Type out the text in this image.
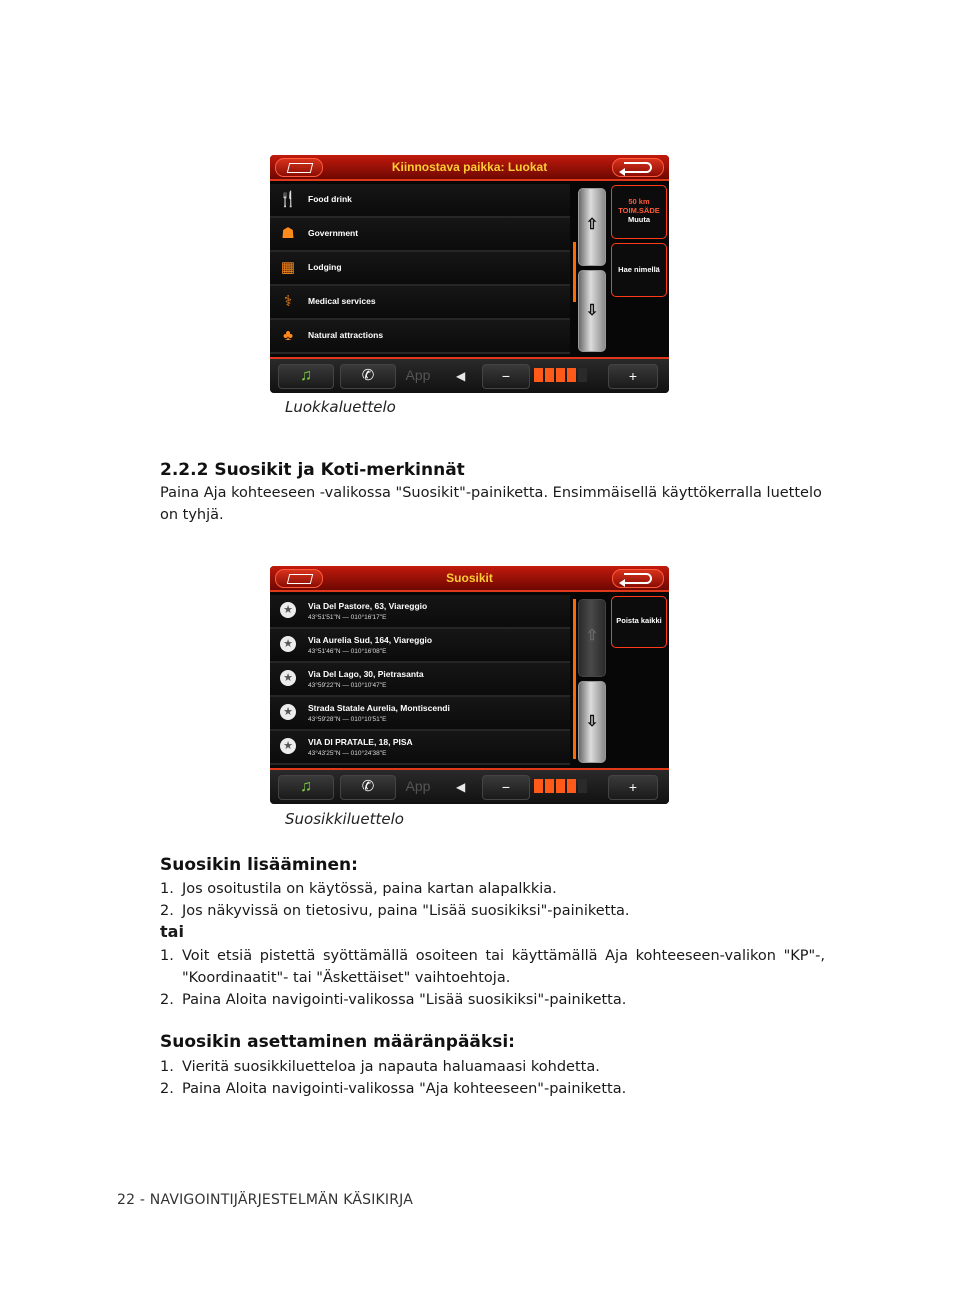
Kiinnostava paikka: Luokat
🍴 Food drink
☗	Government
▦	Lodging
⚕	Medical services
♣	Natural attractions
⇧
⇩
50 km
TOIM.SÄDE
Muuta
Hae nimellä
♫	✆	App	◀	−	+
Luokkaluettelo
2.2.2 Suosikit ja Koti-merkinnät
Paina Aja kohteeseen -valikossa "Suosikit"-painiketta. Ensimmäisellä käyttökerralla luettelo on tyhjä.
Suosikit
★
Via Del Pastore, 63, Viareggio
43°51'51"N — 010°16'17"E
★
Via Aurelia Sud, 164, Viareggio
43°51'46"N — 010°16'08"E
★
Via Del Lago, 30, Pietrasanta
43°59'22"N — 010°10'47"E
★
Strada Statale Aurelia, Montiscendi
43°59'28"N — 010°10'51"E
★
VIA DI PRATALE, 18, PISA
43°43'25"N — 010°24'38"E
⇧
⇩
Poista kaikki
♫	✆	App	◀	−	+
Suosikkiluettelo
Suosikin lisääminen:
1. Jos osoitustila on käytössä, paina kartan alapalkkia.
2. Jos näkyvissä on tietosivu, paina "Lisää suosikiksi"-painiketta.
tai
1. Voit etsiä pistettä syöttämällä osoiteen tai käyttämällä Aja kohteeseen-valikon "KP"-, "Koordinaatit"- tai "Äskettäiset" vaihtoehtoja.
2. Paina Aloita navigointi-valikossa "Lisää suosikiksi"-painiketta.
Suosikin asettaminen määränpääksi:
1. Vieritä suosikkiluetteloa ja napauta haluamaasi kohdetta.
2. Paina Aloita navigointi-valikossa "Aja kohteeseen"-painiketta.
22 - NAVIGOINTIJÄRJESTELMÄN KÄSIKIRJA
